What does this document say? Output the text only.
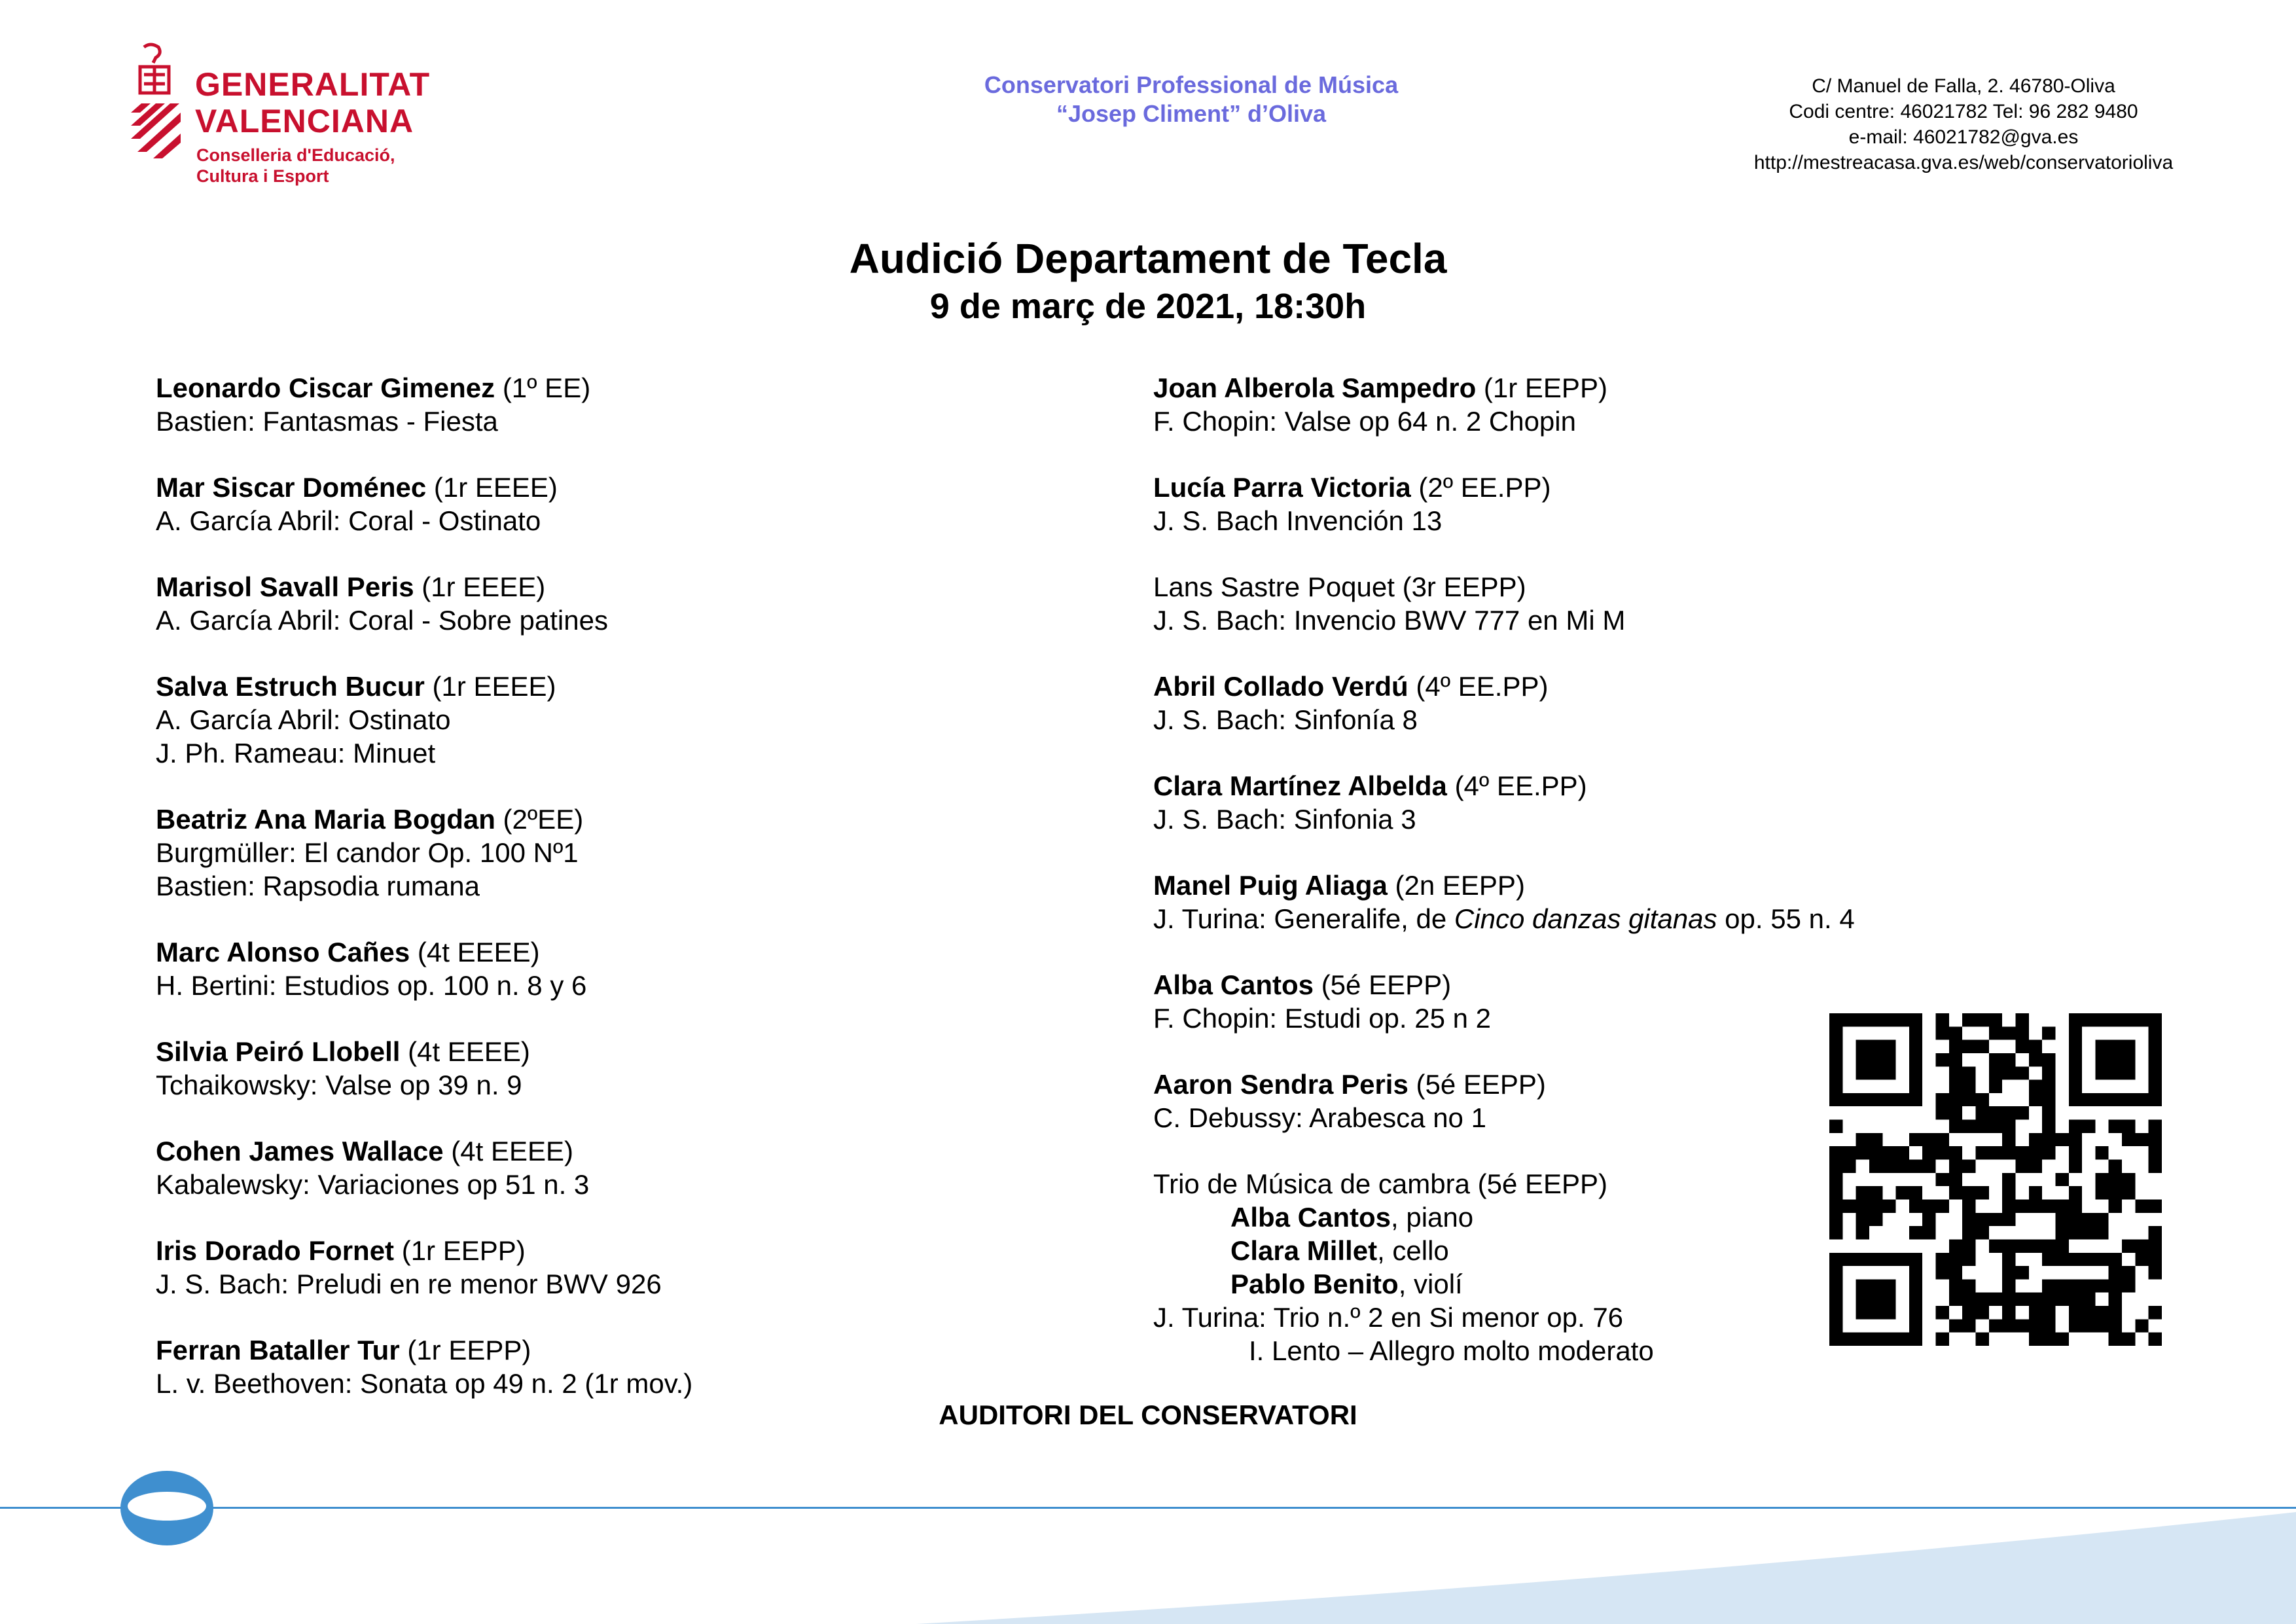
GENERALITAT
VALENCIANA
Conselleria d'Educació,
Cultura i Esport
Conservatori Professional de Música
“Josep Climent” d’Oliva
C/ Manuel de Falla, 2. 46780-Oliva
Codi centre: 46021782 Tel: 96 282 9480
e-mail: 46021782@gva.es
http://mestreacasa.gva.es/web/conservatorioliva
Audició Departament de Tecla
9 de març de 2021, 18:30h
Leonardo Ciscar Gimenez (1º EE)
Bastien: Fantasmas - Fiesta
Mar Siscar Doménec (1r EEEE)
A. García Abril: Coral - Ostinato
Marisol Savall Peris (1r EEEE)
A. García Abril: Coral - Sobre patines
Salva Estruch Bucur (1r EEEE)
A. García Abril: Ostinato
J. Ph. Rameau: Minuet
Beatriz Ana Maria Bogdan (2ºEE)
Burgmüller: El candor Op. 100 Nº1
Bastien: Rapsodia rumana
Marc Alonso Cañes (4t EEEE)
H. Bertini: Estudios op. 100 n. 8 y 6
Silvia Peiró Llobell (4t EEEE)
Tchaikowsky: Valse op 39 n. 9
Cohen James Wallace (4t EEEE)
Kabalewsky: Variaciones op 51 n. 3
Iris Dorado Fornet (1r EEPP)
J. S. Bach: Preludi en re menor BWV 926
Ferran Bataller Tur (1r EEPP)
L. v. Beethoven: Sonata op 49 n. 2 (1r mov.)
Joan Alberola Sampedro (1r EEPP)
F. Chopin: Valse op 64 n. 2 Chopin
Lucía Parra Victoria (2º EE.PP)
J. S. Bach Invención 13
Lans Sastre Poquet (3r EEPP)
J. S. Bach: Invencio BWV 777 en Mi M
Abril Collado Verdú (4º EE.PP)
J. S. Bach: Sinfonía 8
Clara Martínez Albelda (4º EE.PP)
J. S. Bach: Sinfonia 3
Manel Puig Aliaga (2n EEPP)
J. Turina: Generalife, de Cinco danzas gitanas op. 55 n. 4
Alba Cantos (5é EEPP)
F. Chopin: Estudi op. 25 n 2
Aaron Sendra Peris (5é EEPP)
C. Debussy: Arabesca no 1
Trio de Música de cambra (5é EEPP)
Alba Cantos, piano
Clara Millet, cello
Pablo Benito, violí
J. Turina: Trio n.º 2 en Si menor op. 76
I. Lento – Allegro molto moderato
AUDITORI DEL CONSERVATORI
